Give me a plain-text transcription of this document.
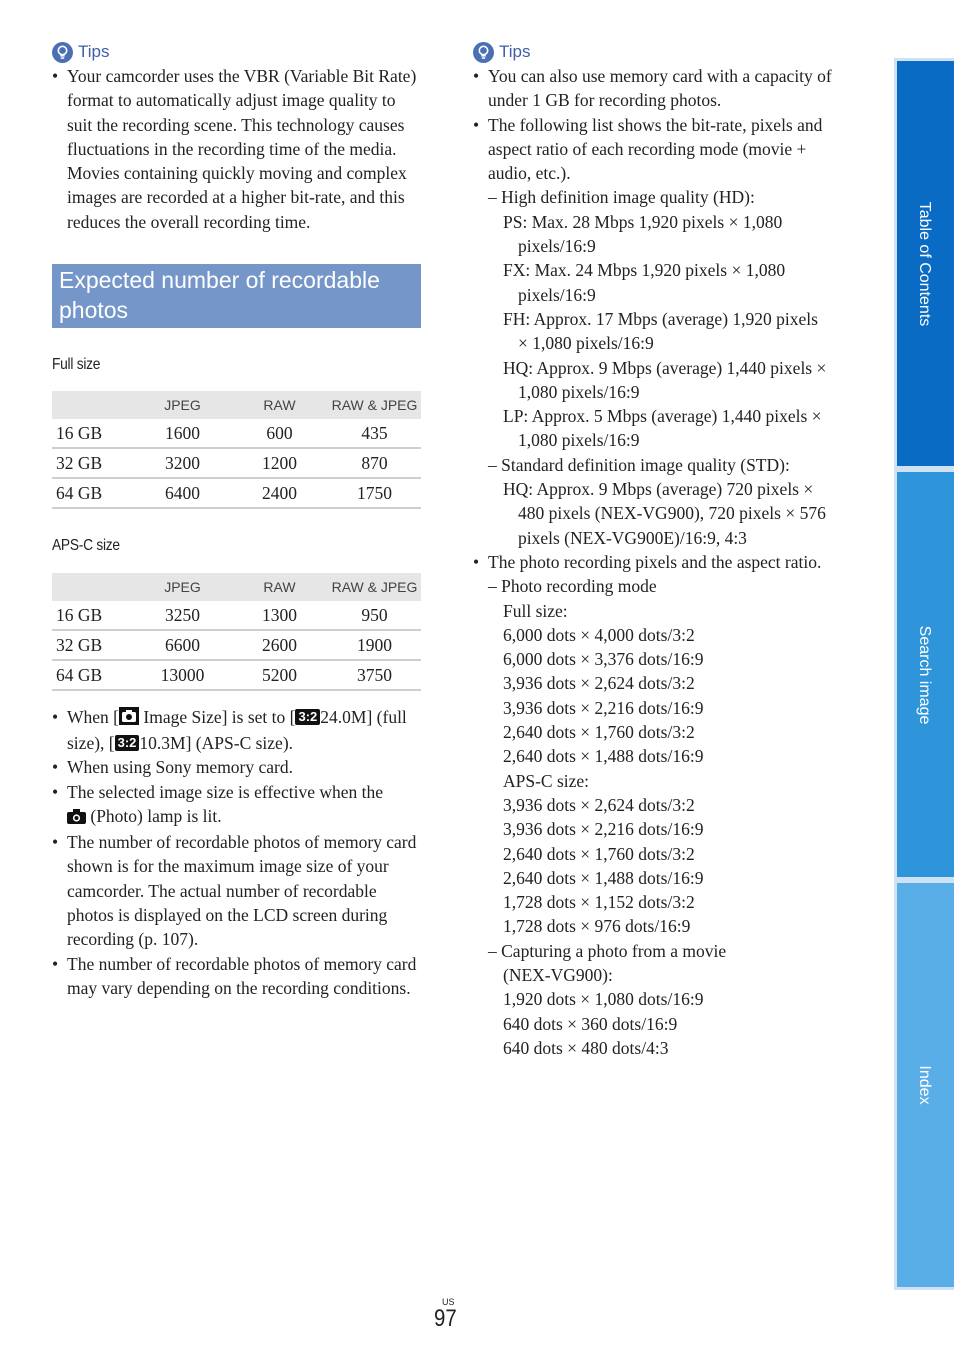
Tips
• Your camcorder uses the VBR (Variable Bit Rate) format to automatically adjust image quality to suit the recording scene. This technology causes fluctuations in the recording time of the media. Movies containing quickly moving and complex images are recorded at a higher bit-rate, and this reduces the overall recording time.
Expected number of recordable photos
Full size
	JPEG	RAW	RAW & JPEG
16 GB	1600	600	435
32 GB	3200	1200	870
64 GB	6400	2400	1750
APS-C size
	JPEG	RAW	RAW & JPEG
16 GB	3250	1300	950
32 GB	6600	2600	1900
64 GB	13000	5200	3750
• When [ Image Size] is set to [ 3:2 24.0M] (full size), [ 3:2 10.3M] (APS-C size).
• When using Sony memory card.
• The selected image size is effective when the
(Photo) lamp is lit.
• The number of recordable photos of memory card shown is for the maximum image size of your camcorder. The actual number of recordable photos is displayed on the LCD screen during recording (p. 107).
• The number of recordable photos of memory card may vary depending on the recording conditions.
Tips
• You can also use memory card with a capacity of under 1 GB for recording photos.
• The following list shows the bit-rate, pixels and aspect ratio of each recording mode (movie + audio, etc.).
– High definition image quality (HD):
PS: Max. 28 Mbps 1,920 pixels × 1,080
pixels/16:9
FX: Max. 24 Mbps 1,920 pixels × 1,080
pixels/16:9
FH: Approx. 17 Mbps (average) 1,920 pixels
× 1,080 pixels/16:9
HQ: Approx. 9 Mbps (average) 1,440 pixels ×
1,080 pixels/16:9
LP: Approx. 5 Mbps (average) 1,440 pixels ×
1,080 pixels/16:9
– Standard definition image quality (STD):
HQ: Approx. 9 Mbps (average) 720 pixels ×
480 pixels (NEX-VG900), 720 pixels × 576
pixels (NEX-VG900E)/16:9, 4:3
• The photo recording pixels and the aspect ratio.
– Photo recording mode
Full size:
6,000 dots × 4,000 dots/3:2
6,000 dots × 3,376 dots/16:9
3,936 dots × 2,624 dots/3:2
3,936 dots × 2,216 dots/16:9
2,640 dots × 1,760 dots/3:2
2,640 dots × 1,488 dots/16:9
APS-C size:
3,936 dots × 2,624 dots/3:2
3,936 dots × 2,216 dots/16:9
2,640 dots × 1,760 dots/3:2
2,640 dots × 1,488 dots/16:9
1,728 dots × 1,152 dots/3:2
1,728 dots × 976 dots/16:9
– Capturing a photo from a movie
(NEX-VG900):
1,920 dots × 1,080 dots/16:9
640 dots × 360 dots/16:9
640 dots × 480 dots/4:3
Table of Contents
Search image
Index
US
97
